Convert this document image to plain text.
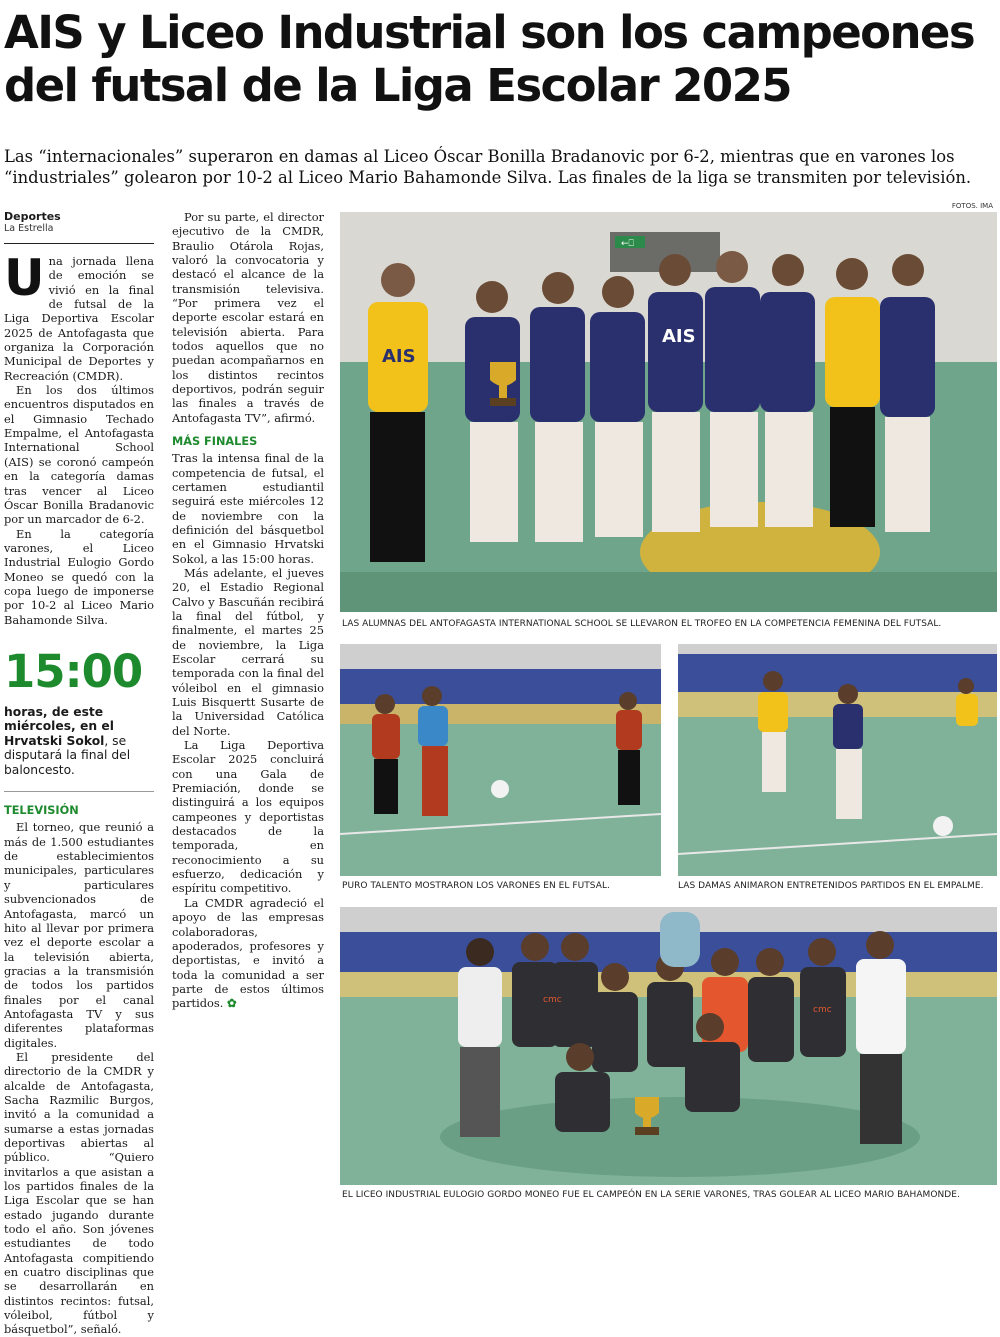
AIS y Liceo Industrial son los campeones del futsal de la Liga Escolar 2025

Las “internacionales” superaron en damas al Liceo Óscar Bonilla Bradanovic por 6-2, mientras que en varones los “industriales” golearon por 10-2 al Liceo Mario Bahamonde Silva. Las finales de la liga se transmiten por televisión.

FOTOS. IMA
Deportes
La Estrella

Una jornada llena de emoción se vivió en la final de futsal de la Liga Deportiva Escolar 2025 de Antofagasta que organiza la Corporación Municipal de Deportes y Recreación (CMDR).

En los dos últimos encuentros disputados en el Gimnasio Techado Empalme, el Antofagasta International School (AIS) se coronó campeón en la categoría damas tras vencer al Liceo Óscar Bonilla Bradanovic por un marcador de 6-2.

En la categoría varones, el Liceo Industrial Eulogio Gordo Moneo se quedó con la copa luego de imponerse por 10-2 al Liceo Mario Bahamonde Silva.

15:00

horas, de este miércoles, en el Hrvatski Sokol, se disputará la final del baloncesto.

TELEVISIÓN

El torneo, que reunió a más de 1.500 estudiantes de establecimientos municipales, particulares y particulares subvencionados de Antofagasta, marcó un hito al llevar por primera vez el deporte escolar a la televisión abierta, gracias a la transmisión de todos los partidos finales por el canal Antofagasta TV y sus diferentes plataformas digitales.

El presidente del directorio de la CMDR y alcalde de Antofagasta, Sacha Razmilic Burgos, invitó a la comunidad a sumarse a estas jornadas deportivas abiertas al público. “Quiero invitarlos a que asistan a los partidos finales de la Liga Escolar que se han estado jugando durante todo el año. Son jóvenes estudiantes de todo Antofagasta compitiendo en cuatro disciplinas que se desarrollarán en distintos recintos: futsal, vóleibol, fútbol y básquetbol”, señaló.

Por su parte, el director ejecutivo de la CMDR, Braulio Otárola Rojas, valoró la convocatoria y destacó el alcance de la transmisión televisiva. “Por primera vez el deporte escolar estará en televisión abierta. Para todos aquellos que no puedan acompañarnos en los distintos recintos deportivos, podrán seguir las finales a través de Antofagasta TV”, afirmó.

MÁS FINALES

Tras la intensa final de la competencia de futsal, el certamen estudiantil seguirá este miércoles 12 de noviembre con la definición del básquetbol en el Gimnasio Hrvatski Sokol, a las 15:00 horas.

Más adelante, el jueves 20, el Estadio Regional Calvo y Bascuñán recibirá la final del fútbol, y finalmente, el martes 25 de noviembre, la Liga Escolar cerrará su temporada con la final del vóleibol en el gimnasio Luis Bisquertt Susarte de la Universidad Católica del Norte.

La Liga Deportiva Escolar 2025 concluirá con una Gala de Premiación, donde se distinguirá a los equipos campeones y deportistas destacados de la temporada, en reconocimiento a su esfuerzo, dedicación y espíritu competitivo.

La CMDR agradeció el apoyo de las empresas colaboradoras, apoderados, profesores y deportistas, e invitó a toda la comunidad a ser parte de estos últimos partidos. ✿

←⎕
AIS
AIS

LAS ALUMNAS DEL ANTOFAGASTA INTERNATIONAL SCHOOL SE LLEVARON EL TROFEO EN LA COMPETENCIA FEMENINA DEL FUTSAL.

PURO TALENTO MOSTRARON LOS VARONES EN EL FUTSAL.	LAS DAMAS ANIMARON ENTRETENIDOS PARTIDOS EN EL EMPALME.

cmc
cmc

EL LICEO INDUSTRIAL EULOGIO GORDO MONEO FUE EL CAMPEÓN EN LA SERIE VARONES, TRAS GOLEAR AL LICEO MARIO BAHAMONDE.
